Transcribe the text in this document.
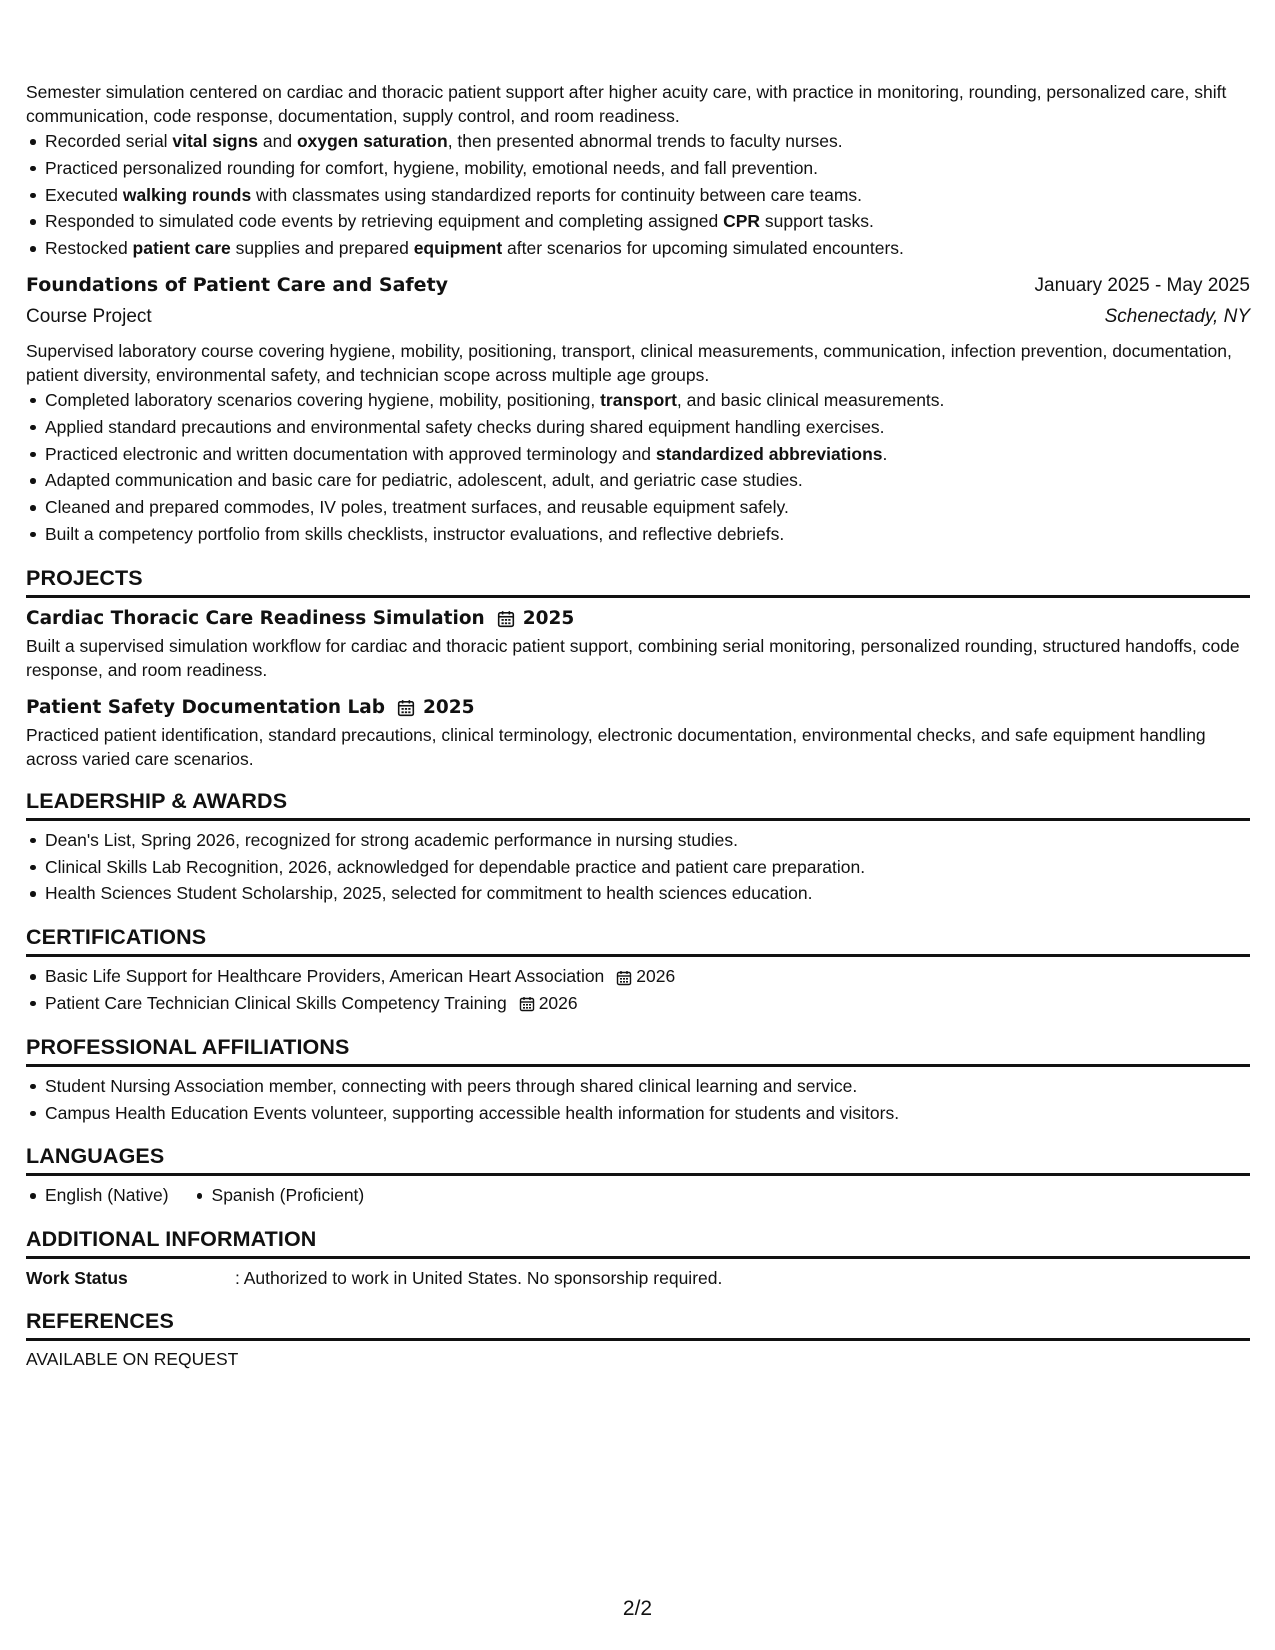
Semester simulation centered on cardiac and thoracic patient support after higher acuity care, with practice in monitoring, rounding, personalized care, shift communication, code response, documentation, supply control, and room readiness.

Recorded serial vital signs and oxygen saturation, then presented abnormal trends to faculty nurses.
Practiced personalized rounding for comfort, hygiene, mobility, emotional needs, and fall prevention.
Executed walking rounds with classmates using standardized reports for continuity between care teams.
Responded to simulated code events by retrieving equipment and completing assigned CPR support tasks.
Restocked patient care supplies and prepared equipment after scenarios for upcoming simulated encounters.
Foundations of Patient Care and Safety	January 2025 - May 2025
Course Project	Schenectady, NY

Supervised laboratory course covering hygiene, mobility, positioning, transport, clinical measurements, communication, infection prevention, documentation, patient diversity, environmental safety, and technician scope across multiple age groups.

Completed laboratory scenarios covering hygiene, mobility, positioning, transport, and basic clinical measurements.
Applied standard precautions and environmental safety checks during shared equipment handling exercises.
Practiced electronic and written documentation with approved terminology and standardized abbreviations.
Adapted communication and basic care for pediatric, adolescent, adult, and geriatric case studies.
Cleaned and prepared commodes, IV poles, treatment surfaces, and reusable equipment safely.
Built a competency portfolio from skills checklists, instructor evaluations, and reflective debriefs.
PROJECTS
Cardiac Thoracic Care Readiness Simulation 2025

Built a supervised simulation workflow for cardiac and thoracic patient support, combining serial monitoring, personalized rounding, structured handoffs, code response, and room readiness.

Patient Safety Documentation Lab 2025

Practiced patient identification, standard precautions, clinical terminology, electronic documentation, environmental checks, and safe equipment handling across varied care scenarios.

LEADERSHIP & AWARDS
Dean's List, Spring 2026, recognized for strong academic performance in nursing studies.
Clinical Skills Lab Recognition, 2026, acknowledged for dependable practice and patient care preparation.
Health Sciences Student Scholarship, 2025, selected for commitment to health sciences education.
CERTIFICATIONS
Basic Life Support for Healthcare Providers, American Heart Association 2026
Patient Care Technician Clinical Skills Competency Training 2026
PROFESSIONAL AFFILIATIONS
Student Nursing Association member, connecting with peers through shared clinical learning and service.
Campus Health Education Events volunteer, supporting accessible health information for students and visitors.
LANGUAGES
English (Native)	Spanish (Proficient)
ADDITIONAL INFORMATION
Work Status	: Authorized to work in United States. No sponsorship required.
REFERENCES

AVAILABLE ON REQUEST

2/2
